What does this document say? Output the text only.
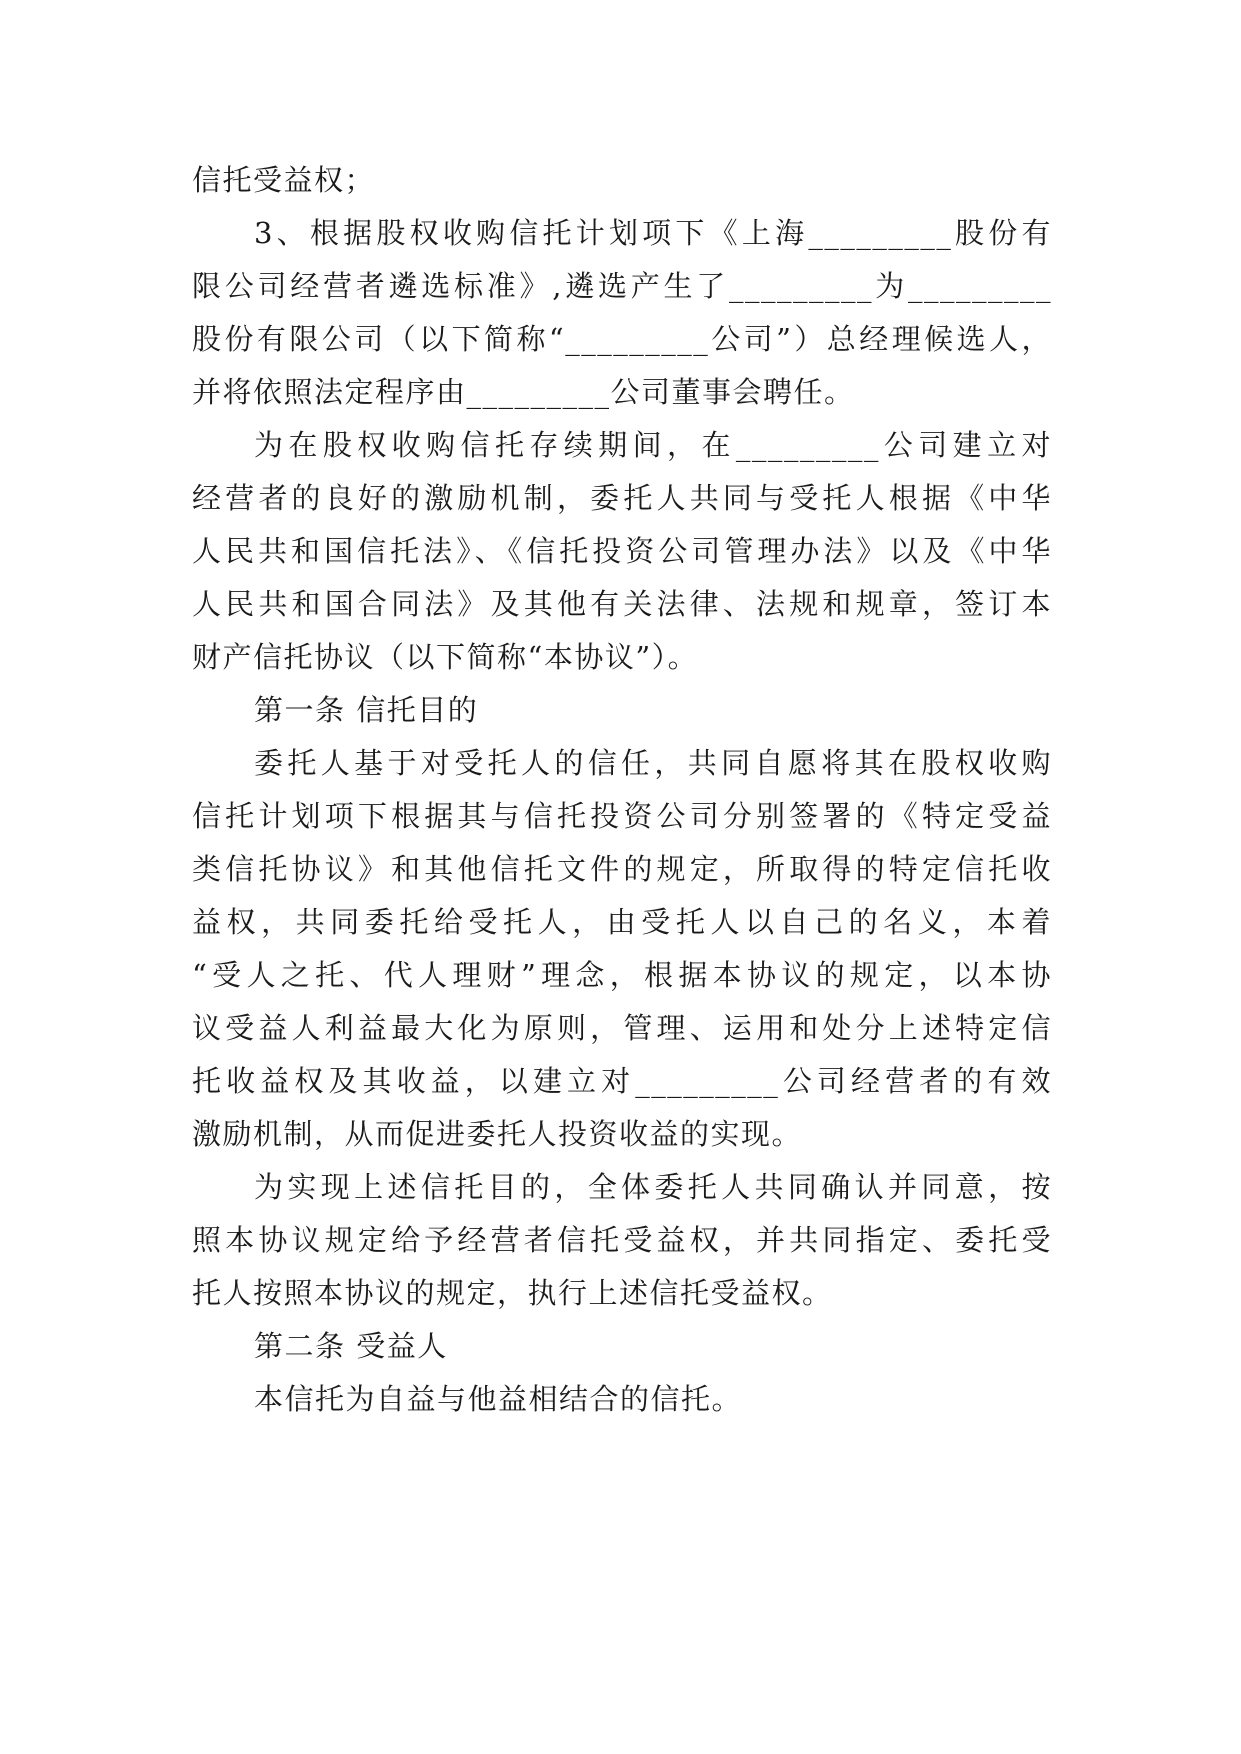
信托受益权；
3、根据股权收购信托计划项下《上海_________股份有
限公司经营者遴选标准》,遴选产生了_________为_________
股份有限公司（以下简称“_________公司”）总经理候选人，
并将依照法定程序由_________公司董事会聘任。
为在股权收购信托存续期间，在_________公司建立对
经营者的良好的激励机制，委托人共同与受托人根据《中华
人民共和国信托法》、《信托投资公司管理办法》以及《中华
人民共和国合同法》及其他有关法律、法规和规章，签订本
财产信托协议（以下简称“本协议”）。
第一条 信托目的
委托人基于对受托人的信任，共同自愿将其在股权收购
信托计划项下根据其与信托投资公司分别签署的《特定受益
类信托协议》和其他信托文件的规定，所取得的特定信托收
益权，共同委托给受托人，由受托人以自己的名义，本着
“受人之托、代人理财”理念，根据本协议的规定，以本协
议受益人利益最大化为原则，管理、运用和处分上述特定信
托收益权及其收益，以建立对_________公司经营者的有效
激励机制，从而促进委托人投资收益的实现。
为实现上述信托目的，全体委托人共同确认并同意，按
照本协议规定给予经营者信托受益权，并共同指定、委托受
托人按照本协议的规定，执行上述信托受益权。
第二条 受益人
本信托为自益与他益相结合的信托。
